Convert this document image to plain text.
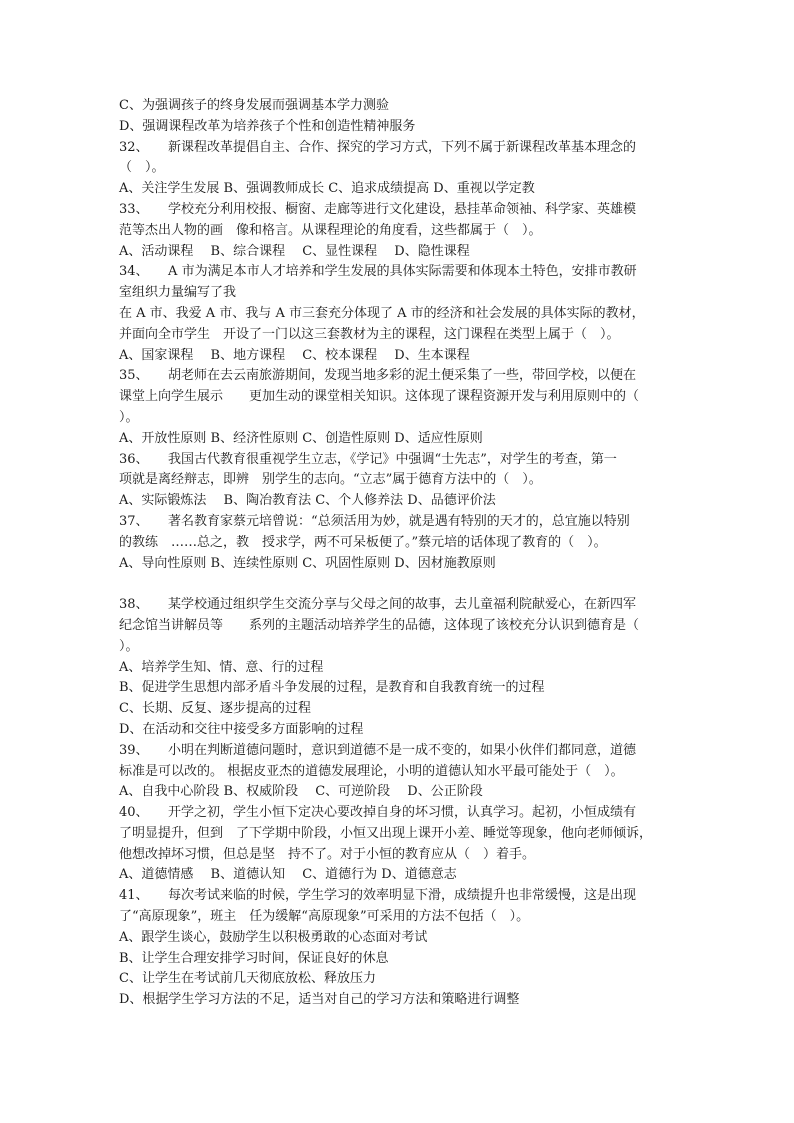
C、为强调孩子的终身发展而强调基本学力测验
D、强调课程改革为培养孩子个性和创造性精神服务
32、　　新课程改革提倡自主、合作、探究的学习方式，下列不属于新课程改革基本理念的
（　）。
A、关注学生发展 B、强调教师成长 C、追求成绩提高 D、重视以学定教
33、　　学校充分利用校报、橱窗、走廊等进行文化建设，悬挂革命领袖、科学家、英雄模
范等杰出人物的画　像和格言。从课程理论的角度看，这些都属于（　）。
A、活动课程　 B、综合课程　 C、显性课程　 D、隐性课程
34、　　A 市为满足本市人才培养和学生发展的具体实际需要和体现本土特色，安排市教研
室组织力量编写了我
在 A 市、我爱 A 市、我与 A 市三套充分体现了 A 市的经济和社会发展的具体实际的教材，
并面向全市学生　开设了一门以这三套教材为主的课程，这门课程在类型上属于（　）。
A、国家课程　 B、地方课程　 C、校本课程　 D、生本课程
35、　　胡老师在去云南旅游期间，发现当地多彩的泥土便采集了一些，带回学校，以便在
课堂上向学生展示　　更加生动的课堂相关知识。这体现了课程资源开发与利用原则中的（
）。
A、开放性原则 B、经济性原则 C、创造性原则 D、适应性原则
36、　　我国古代教育很重视学生立志，《学记》中强调“士先志”，对学生的考查，第一
项就是离经辩志，即辨　别学生的志向。“立志”属于德育方法中的（　）。
A、实际锻炼法　 B、陶冶教育法 C、个人修养法 D、品德评价法
37、　　著名教育家蔡元培曾说：“总须活用为妙，就是遇有特别的天才的，总宜施以特别
的教练　……总之，教　授求学，两不可呆板便了。”蔡元培的话体现了教育的（　）。
A、导向性原则 B、连续性原则 C、巩固性原则 D、因材施教原则
38、　　某学校通过组织学生交流分享与父母之间的故事，去儿童福利院献爱心，在新四军
纪念馆当讲解员等　　系列的主题活动培养学生的品德，这体现了该校充分认识到德育是（
）。
A、培养学生知、情、意、行的过程
B、促进学生思想内部矛盾斗争发展的过程，是教育和自我教育统一的过程
C、长期、反复、逐步提高的过程
D、在活动和交往中接受多方面影响的过程
39、　　小明在判断道德问题时，意识到道德不是一成不变的，如果小伙伴们都同意，道德
标准是可以改的。 根据皮亚杰的道德发展理论，小明的道德认知水平最可能处于（　）。
A、自我中心阶段 B、权威阶段　 C、可逆阶段　 D、公正阶段
40、　　开学之初，学生小恒下定决心要改掉自身的坏习惯，认真学习。起初，小恒成绩有
了明显提升，但到　了下学期中阶段，小恒又出现上课开小差、睡觉等现象，他向老师倾诉，
他想改掉坏习惯，但总是坚　持不了。对于小恒的教育应从（　）着手。
A、道德情感　 B、道德认知　 C、道德行为 D、道德意志
41、　　每次考试来临的时候，学生学习的效率明显下滑，成绩提升也非常缓慢，这是出现
了“高原现象”，班主　任为缓解“高原现象”可采用的方法不包括（　）。
A、跟学生谈心，鼓励学生以积极勇敢的心态面对考试
B、让学生合理安排学习时间，保证良好的休息
C、让学生在考试前几天彻底放松、释放压力
D、根据学生学习方法的不足，适当对自己的学习方法和策略进行调整
